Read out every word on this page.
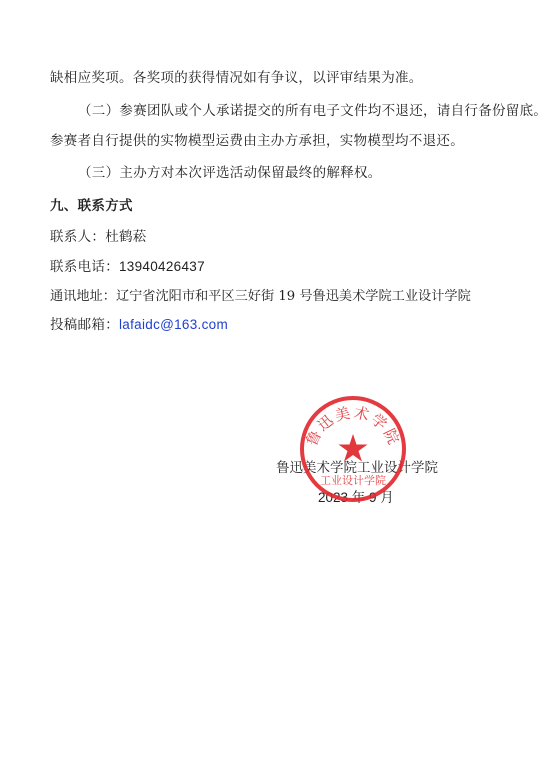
缺相应奖项。各奖项的获得情况如有争议，以评审结果为准。
（二）参赛团队或个人承诺提交的所有电子文件均不退还，请自行备份留底。
参赛者自行提供的实物模型运费由主办方承担，实物模型均不退还。
（三）主办方对本次评选活动保留最终的解释权。
九、联系方式
联系人：杜鹤菘
联系电话：13940426437
通讯地址：辽宁省沈阳市和平区三好街 19 号鲁迅美术学院工业设计学院
投稿邮箱：lafaidc@163.com
鲁迅美术学院工业设计学院
2023 年 9 月
鲁迅美术学院
工业设计学院
